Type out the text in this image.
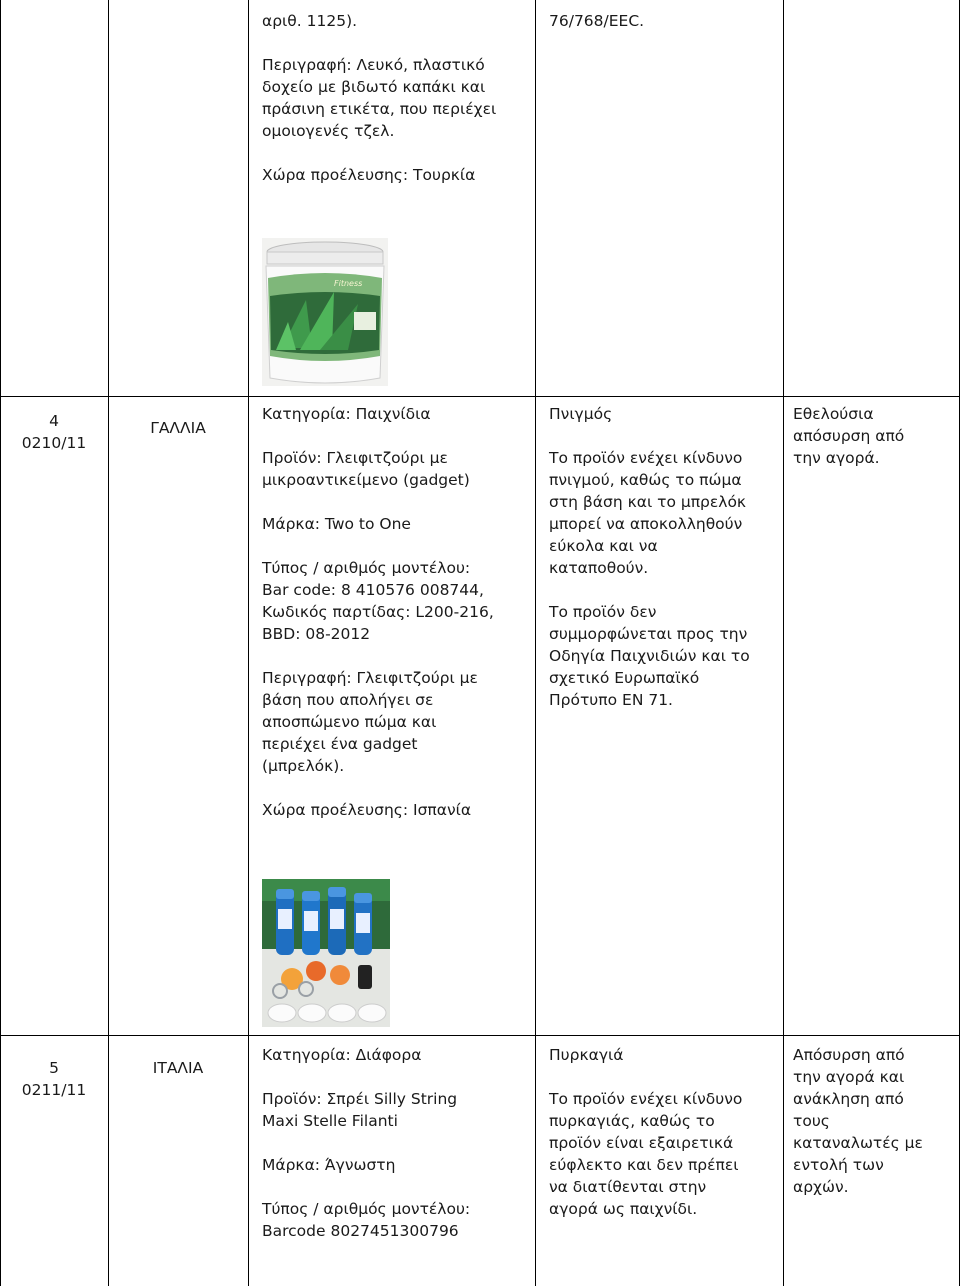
αριθ. 1125).

Περιγραφή: Λευκό, πλαστικό

δοχείο με βιδωτό καπάκι και

πράσινη ετικέτα, που περιέχει

ομοιογενές τζελ.

Χώρα προέλευσης: Τουρκία

76/768/EEC.

Fitness

4

0210/11

ΓΑΛΛΙΑ

Κατηγορία: Παιχνίδια

Προϊόν: Γλειφιτζούρι με

μικροαντικείμενο (gadget)

Μάρκα: Two to One

Τύπος / αριθμός μοντέλου:

Bar code: 8 410576 008744,

Κωδικός παρτίδας: L200-216,

BBD: 08-2012

Περιγραφή: Γλειφιτζούρι με

βάση που απολήγει σε

αποσπώμενο πώμα και

περιέχει ένα gadget

(μπρελόκ).

Χώρα προέλευσης: Ισπανία

Πνιγμός

Το προϊόν ενέχει κίνδυνο

πνιγμού, καθώς το πώμα

στη βάση και το μπρελόκ

μπορεί να αποκολληθούν

εύκολα και να

καταποθούν.

Το προϊόν δεν

συμμορφώνεται προς την

Οδηγία Παιχνιδιών και το

σχετικό Ευρωπαϊκό

Πρότυπο EN 71.

Εθελούσια

απόσυρση από

την αγορά.

5

0211/11

ΙΤΑΛΙΑ

Κατηγορία: Διάφορα

Προϊόν: Σπρέι Silly String

Maxi Stelle Filanti

Μάρκα: Άγνωστη

Τύπος / αριθμός μοντέλου:

Barcode 8027451300796

Πυρκαγιά

Το προϊόν ενέχει κίνδυνο

πυρκαγιάς, καθώς το

προϊόν είναι εξαιρετικά

εύφλεκτο και δεν πρέπει

να διατίθενται στην

αγορά ως παιχνίδι.

Απόσυρση από

την αγορά και

ανάκληση από

τους

καταναλωτές με

εντολή των

αρχών.
